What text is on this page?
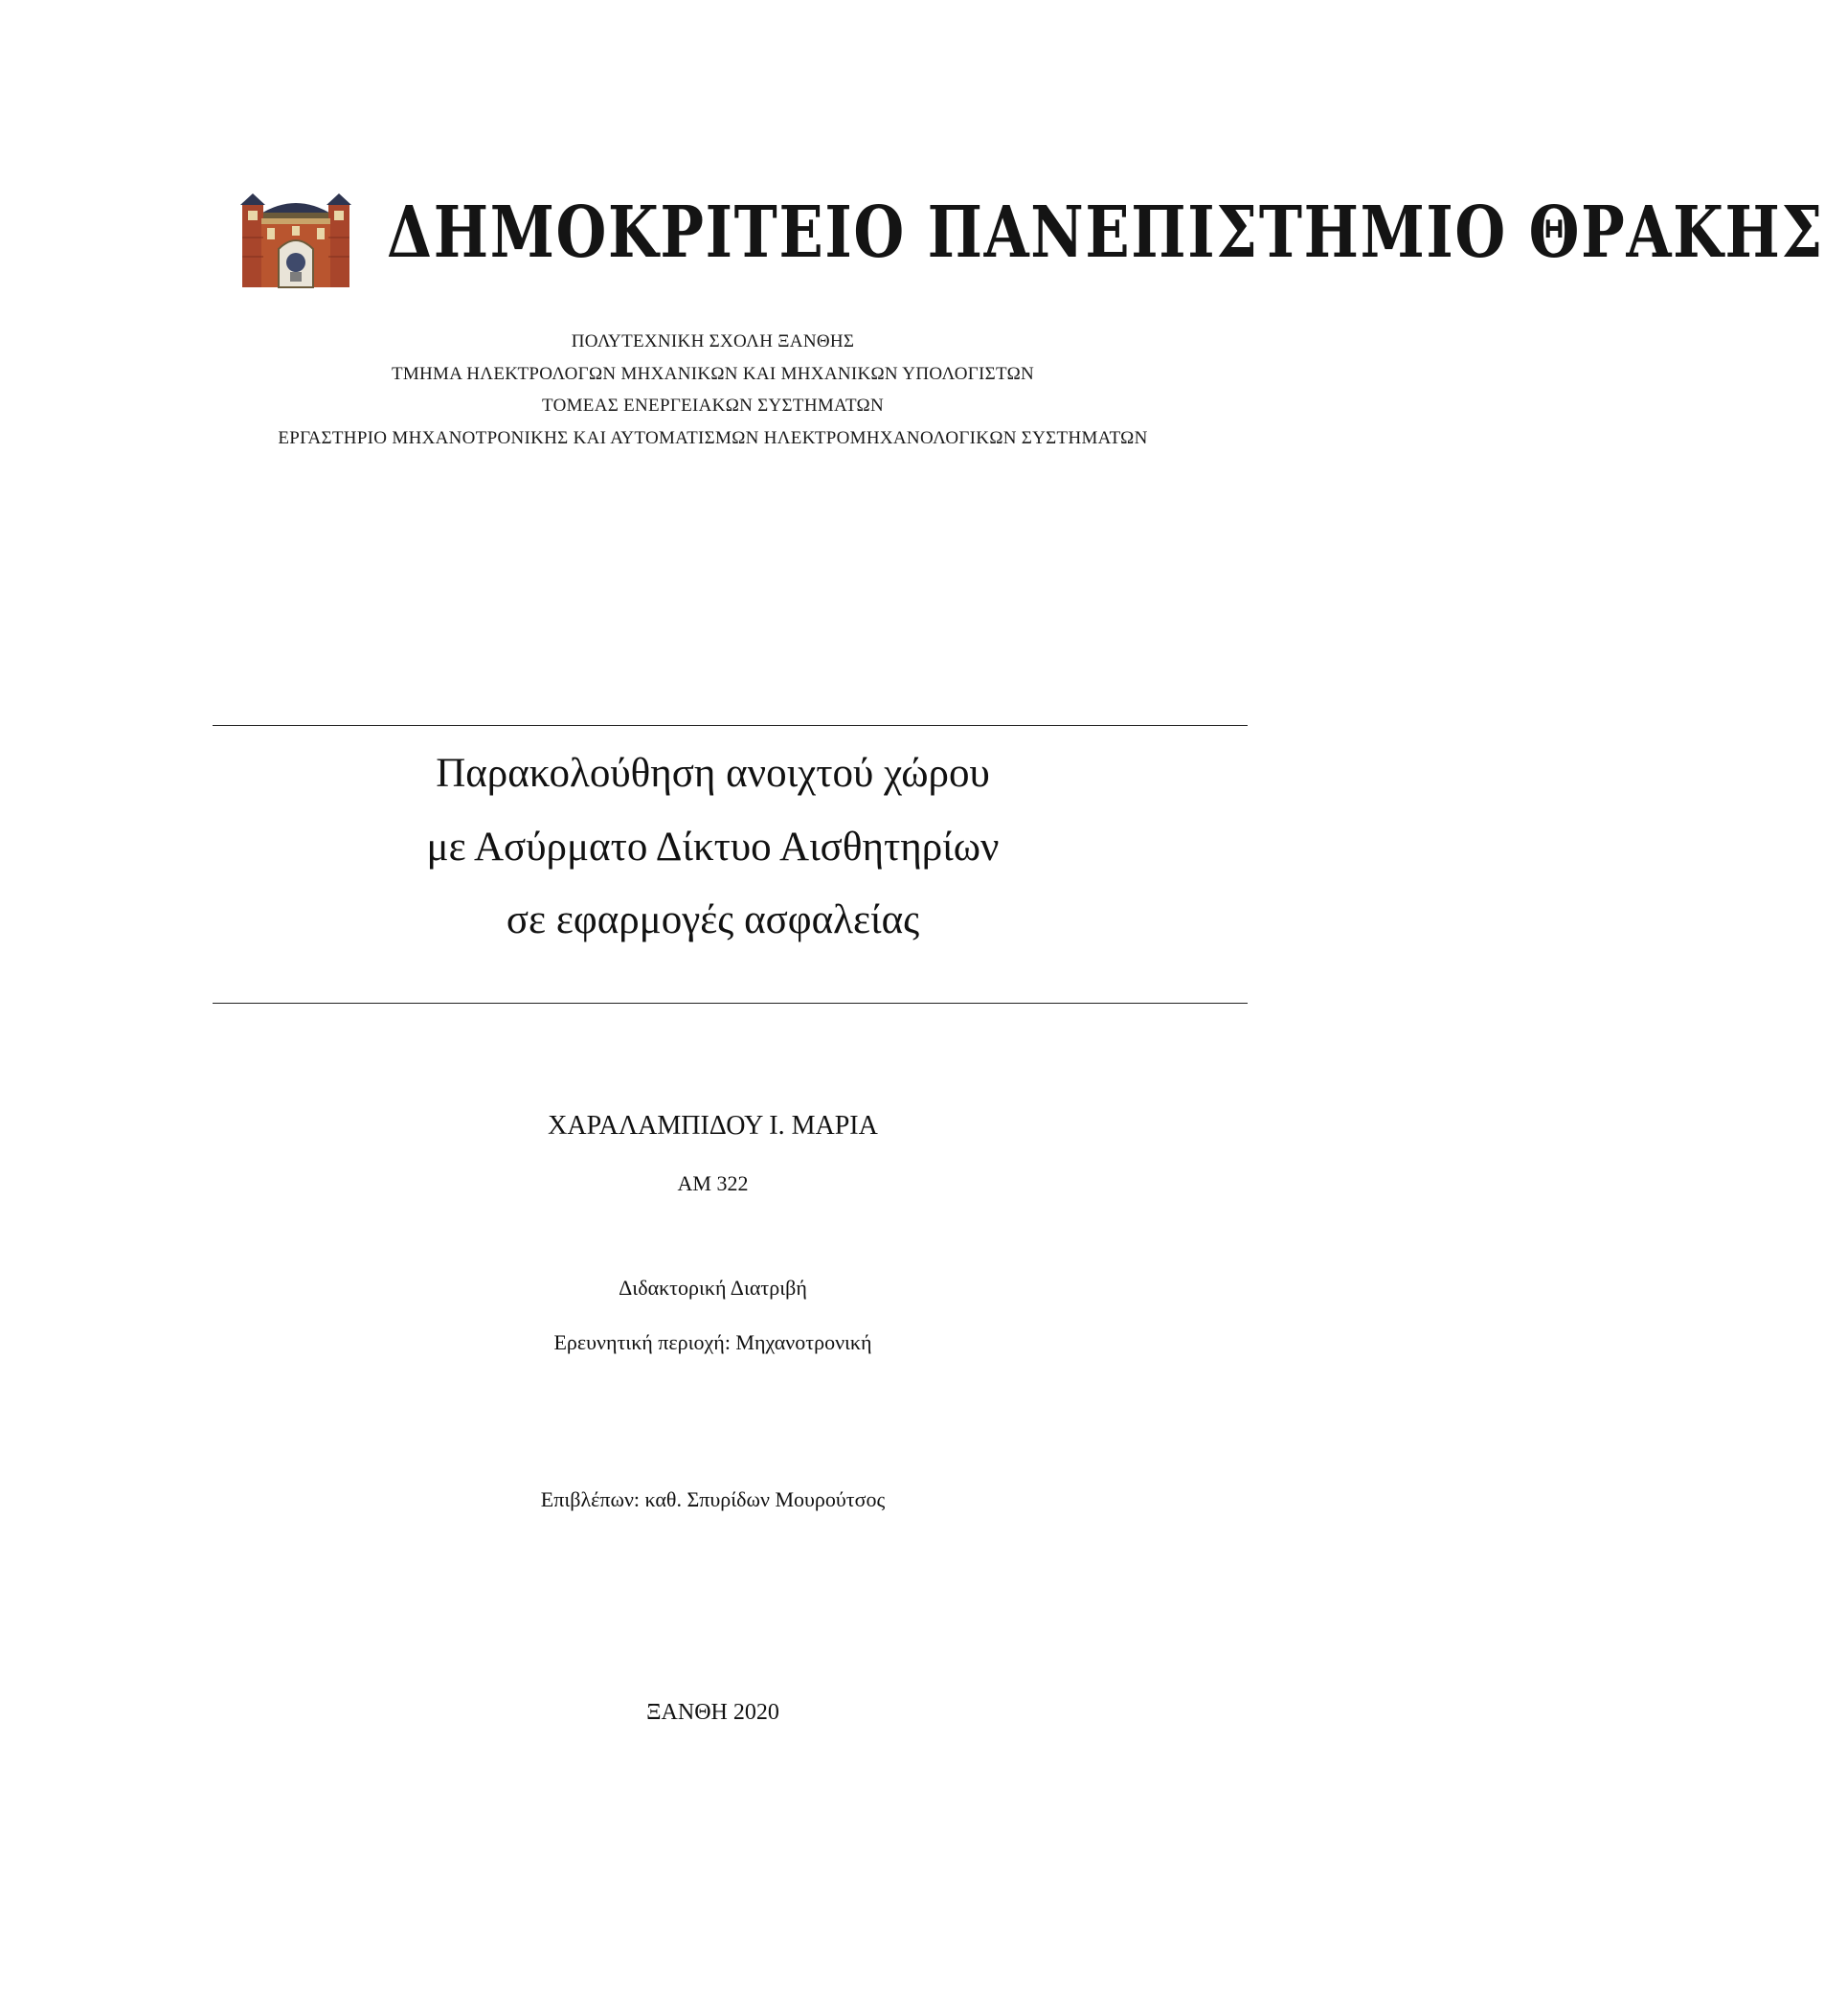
ΔΗΜΟΚΡΙΤΕΙΟ ΠΑΝΕΠΙΣΤΗΜΙΟ ΘΡΑΚΗΣ
ΠΟΛΥΤΕΧΝΙΚΗ ΣΧΟΛΗ ΞΑΝΘΗΣ
ΤΜΗΜΑ ΗΛΕΚΤΡΟΛΟΓΩΝ ΜΗΧΑΝΙΚΩΝ ΚΑΙ ΜΗΧΑΝΙΚΩΝ ΥΠΟΛΟΓΙΣΤΩΝ
ΤΟΜΕΑΣ ΕΝΕΡΓΕΙΑΚΩΝ ΣΥΣΤΗΜΑΤΩΝ
ΕΡΓΑΣΤΗΡΙΟ ΜΗΧΑΝΟΤΡΟΝΙΚΗΣ ΚΑΙ ΑΥΤΟΜΑΤΙΣΜΩΝ ΗΛΕΚΤΡΟΜΗΧΑΝΟΛΟΓΙΚΩΝ ΣΥΣΤΗΜΑΤΩΝ
Παρακολούθηση ανοιχτού χώρου
με Ασύρματο Δίκτυο Αισθητηρίων
σε εφαρμογές ασφαλείας
ΧΑΡΑΛΑΜΠΙΔΟΥ Ι. ΜΑΡΙΑ
ΑΜ 322
Διδακτορική Διατριβή
Ερευνητική περιοχή: Μηχανοτρονική
Επιβλέπων: καθ. Σπυρίδων Μουρούτσος
ΞΑΝΘΗ 2020
